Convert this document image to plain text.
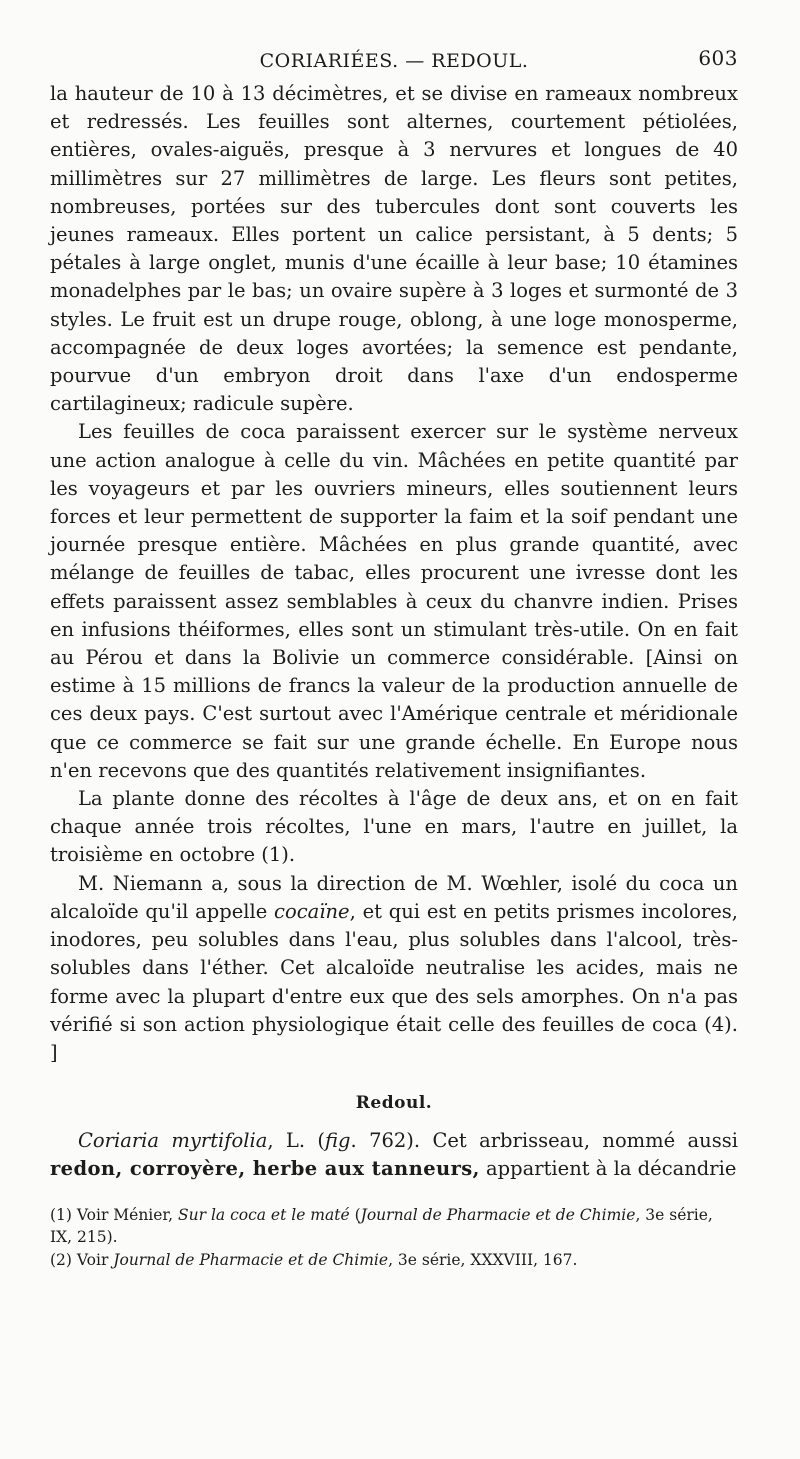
CORIARIÉES. — REDOUL.	603

la hauteur de 10 à 13 décimètres, et se divise en rameaux nombreux et redressés. Les feuilles sont alternes, courtement pétiolées, entières, ovales-aiguës, presque à 3 nervures et longues de 40 millimètres sur 27 millimètres de large. Les fleurs sont petites, nombreuses, portées sur des tubercules dont sont couverts les jeunes rameaux. Elles portent un calice persistant, à 5 dents; 5 pétales à large onglet, munis d'une écaille à leur base; 10 étamines monadelphes par le bas; un ovaire supère à 3 loges et surmonté de 3 styles. Le fruit est un drupe rouge, oblong, à une loge monosperme, accompagnée de deux loges avortées; la semence est pendante, pourvue d'un embryon droit dans l'axe d'un endosperme cartilagineux; radicule supère.

Les feuilles de coca paraissent exercer sur le système nerveux une action analogue à celle du vin. Mâchées en petite quantité par les voyageurs et par les ouvriers mineurs, elles soutiennent leurs forces et leur permettent de supporter la faim et la soif pendant une journée presque entière. Mâchées en plus grande quantité, avec mélange de feuilles de tabac, elles procurent une ivresse dont les effets paraissent assez semblables à ceux du chanvre indien. Prises en infusions théiformes, elles sont un stimulant très-utile. On en fait au Pérou et dans la Bolivie un commerce considérable. [Ainsi on estime à 15 millions de francs la valeur de la production annuelle de ces deux pays. C'est surtout avec l'Amérique centrale et méridionale que ce commerce se fait sur une grande échelle. En Europe nous n'en recevons que des quantités relativement insignifiantes.

La plante donne des récoltes à l'âge de deux ans, et on en fait chaque année trois récoltes, l'une en mars, l'autre en juillet, la troisième en octobre (1).

M. Niemann a, sous la direction de M. Wœhler, isolé du coca un alcaloïde qu'il appelle cocaïne, et qui est en petits prismes incolores, inodores, peu solubles dans l'eau, plus solubles dans l'alcool, très-solubles dans l'éther. Cet alcaloïde neutralise les acides, mais ne forme avec la plupart d'entre eux que des sels amorphes. On n'a pas vérifié si son action physiologique était celle des feuilles de coca (4). ]

Redoul.

Coriaria myrtifolia, L. (fig. 762). Cet arbrisseau, nommé aussi redon, corroyère, herbe aux tanneurs, appartient à la décandrie

(1) Voir Ménier, Sur la coca et le maté (Journal de Pharmacie et de Chimie, 3e série, IX, 215).

(2) Voir Journal de Pharmacie et de Chimie, 3e série, XXXVIII, 167.
